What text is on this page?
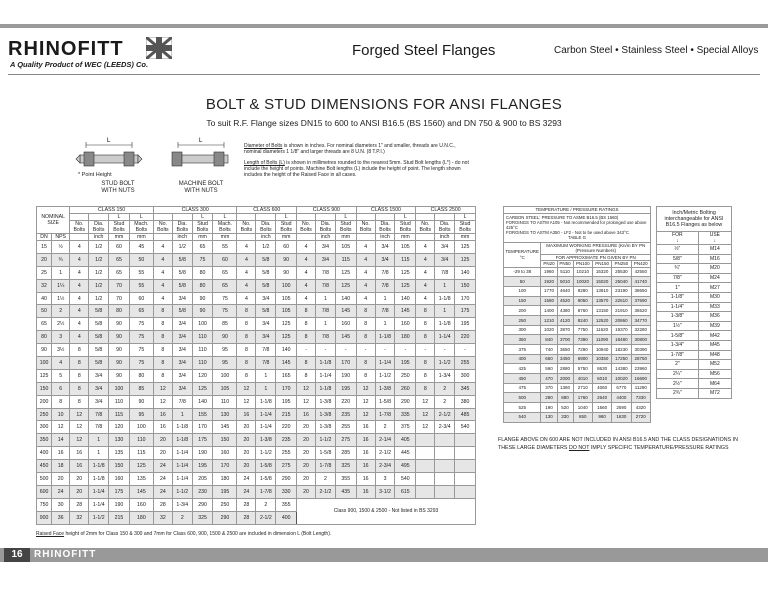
RHINOFITT
A Quality Product of WEC (LEEDS) Co.
Forged Steel Flanges	Carbon Steel • Stainless Steel • Special Alloys
BOLT & STUD DIMENSIONS FOR ANSI FLANGES
To suit R.F. Flange sizes DN15 to 600 to ANSI B16.5 (BS 1560) and DN 750 & 900 to BS 3293
L	L
* Point Height
STUD BOLT WITH NUTS
MACHINE BOLT WITH NUTS

Diameter of Bolts is shown in inches. For nominal diameters 1" and smaller, threads are U.N.C., nominal diameters 1 1/8" and larger threads are 8 U.N. (8 T.P.I.)

Length of Bolts (L) is shown in millimetres rounded to the nearest 5mm. Stud Bolt lengths (L*) - do not include the height of points. Machine Bolt lengths (L) include the height of point. The length shown includes the height of the Raised Face in all cases.

NOMINAL SIZE		CLASS 150				CLASS 300				CLASS 600			CLASS 900			CLASS 1500			CLASS 2500		
				L	L			L	L			L			L			L			L
		No. Bolts	Dia. Bolts	Stud Bolts	Mach. Bolts	No. Bolts	Dia. Bolts	Stud Bolts	Mach. Bolts	No. Bolts	Dia. Bolts	Stud Bolts	No. Bolts	Dia. Bolts	Stud Bolts	No. Bolts	Dia. Bolts	Stud Bolts	No. Bolts	Dia. Bolts	Stud Bolts
DN	NPS		inch	mm	mm		inch	mm	mm		inch	mm		inch	mm		inch	mm		inch	mm
15	½	4	1/2	60	45	4	1/2	65	55	4	1/2	60	4	3/4	105	4	3/4	105	4	3/4	125
20	¾	4	1/2	65	50	4	5/8	75	60	4	5/8	90	4	3/4	115	4	3/4	115	4	3/4	125
25	1	4	1/2	65	55	4	5/8	80	65	4	5/8	90	4	7/8	125	4	7/8	125	4	7/8	140
32	1¼	4	1/2	70	55	4	5/8	80	65	4	5/8	100	4	7/8	125	4	7/8	125	4	1	150
40	1½	4	1/2	70	60	4	3/4	90	75	4	3/4	105	4	1	140	4	1	140	4	1-1/8	170
50	2	4	5/8	80	65	8	5/8	90	75	8	5/8	105	8	7/8	145	8	7/8	145	8	1	175
65	2½	4	5/8	90	75	8	3/4	100	85	8	3/4	125	8	1	160	8	1	160	8	1-1/8	195
80	3	4	5/8	90	75	8	3/4	110	90	8	3/4	125	8	7/8	145	8	1-1/8	180	8	1-1/4	220
90	3½	8	5/8	90	75	8	3/4	110	95	8	7/8	140	-	-	-	-	-	-	-	-	-
100	4	8	5/8	90	75	8	3/4	110	95	8	7/8	145	8	1-1/8	170	8	1-1/4	195	8	1-1/2	255
125	5	8	3/4	90	80	8	3/4	120	100	8	1	165	8	1-1/4	190	8	1-1/2	250	8	1-3/4	300
150	6	8	3/4	100	85	12	3/4	125	105	12	1	170	12	1-1/8	195	12	1-3/8	260	8	2	345
200	8	8	3/4	110	90	12	7/8	140	110	12	1-1/8	195	12	1-3/8	220	12	1-5/8	290	12	2	380
250	10	12	7/8	115	95	16	1	155	130	16	1-1/4	215	16	1-3/8	235	12	1-7/8	335	12	2-1/2	485
300	12	12	7/8	120	100	16	1-1/8	170	145	20	1-1/4	220	20	1-3/8	255	16	2	375	12	2-3/4	540
350	14	12	1	130	110	20	1-1/8	175	150	20	1-3/8	235	20	1-1/2	275	16	2-1/4	405			
400	16	16	1	135	115	20	1-1/4	190	160	20	1-1/2	255	20	1-5/8	285	16	2-1/2	445			
450	18	16	1-1/8	150	125	24	1-1/4	195	170	20	1-5/8	275	20	1-7/8	325	16	2-3/4	495			
500	20	20	1-1/8	160	135	24	1-1/4	205	180	24	1-5/8	290	20	2	355	16	3	540			
600	24	20	1-1/4	175	145	24	1-1/2	230	195	24	1-7/8	330	20	2-1/2	435	16	3-1/2	615			
750	30	28	1-1/4	190	160	28	1-3/4	290	250	28	2	355	Class 900, 1500 & 2500 - Not listed in BS 3293								
900	36	32	1-1/2	215	180	32	2	325	290	28	2-1/2	400									
TEMPERATURE / PRESSURE RATINGS						

CARBON STEEL: PRESSURE TO ASME B16.5 (BS 1560)
FORGINGS TO ASTM A105 - Not recommended for prolonged use above 425°C
FORGINGS TO ASTM A350 - LF2 - Not to be used above 343°C
TABLE G						

TEMPERATURE °C	MAXIMUM WORKING PRESSURE (Kn/m BY PN (Pressure Numbers)					
	FOR APPROXIMATE PN GIVEN BY PN					
	PN20	PN50	PN100	PN150	PN250	PN420
-29 to 38	1960	5110	10210	15320	25530	42550
50	1920	5010	10020	15020	25040	41740
100	1770	4640	9280	13910	23190	38650
150	1580	4520	9050	13570	22610	37690
200	1400	4380	8760	13150	21910	36520
250	1210	4120	8240	12520	20860	34770
300	1020	3870	7750	11620	19370	32280
350	840	3700	7390	11090	18480	30800
375	740	3650	7290	10940	18230	30390
400	650	3450	6900	10350	17250	28750
425	560	2880	5750	8630	14380	23960
450	470	2000	4010	6010	10020	16690
475	370	1360	2710	4060	6770	11290
500	280	880	1760	2640	4400	7330
525	190	520	1040	1560	2590	4320
540	130	330	650	980	1630	2720
Inch/Metric Bolting interchangeable for ANSI B16.5 Flanges as below	
FOR
↓	USE
↓
½"	M14
5/8"	M16
¾"	M20
7/8"	M24
1"	M27
1-1/8"	M30
1-1/4"	M33
1-3/8"	M36
1½"	M39
1-5/8"	M42
1-3/4"	M45
1-7/8"	M48
2"	M52
2¼"	M56
2½"	M64
2¾"	M72
FLANGE ABOVE DN 600 ARE NOT INCLUDED IN ANSI B16.5 AND THE CLASS DESIGNATIONS IN THESE LARGE DIAMETERS DO NOT IMPLY SPECIFIC TEMPERATURE/PRESSURE RATINGS
Raised Face height of 2mm for Class 150 & 300 and 7mm for Class 600, 900, 1500 & 2500 are included in dimension L (Bolt Length).
16	RHINOFITT
